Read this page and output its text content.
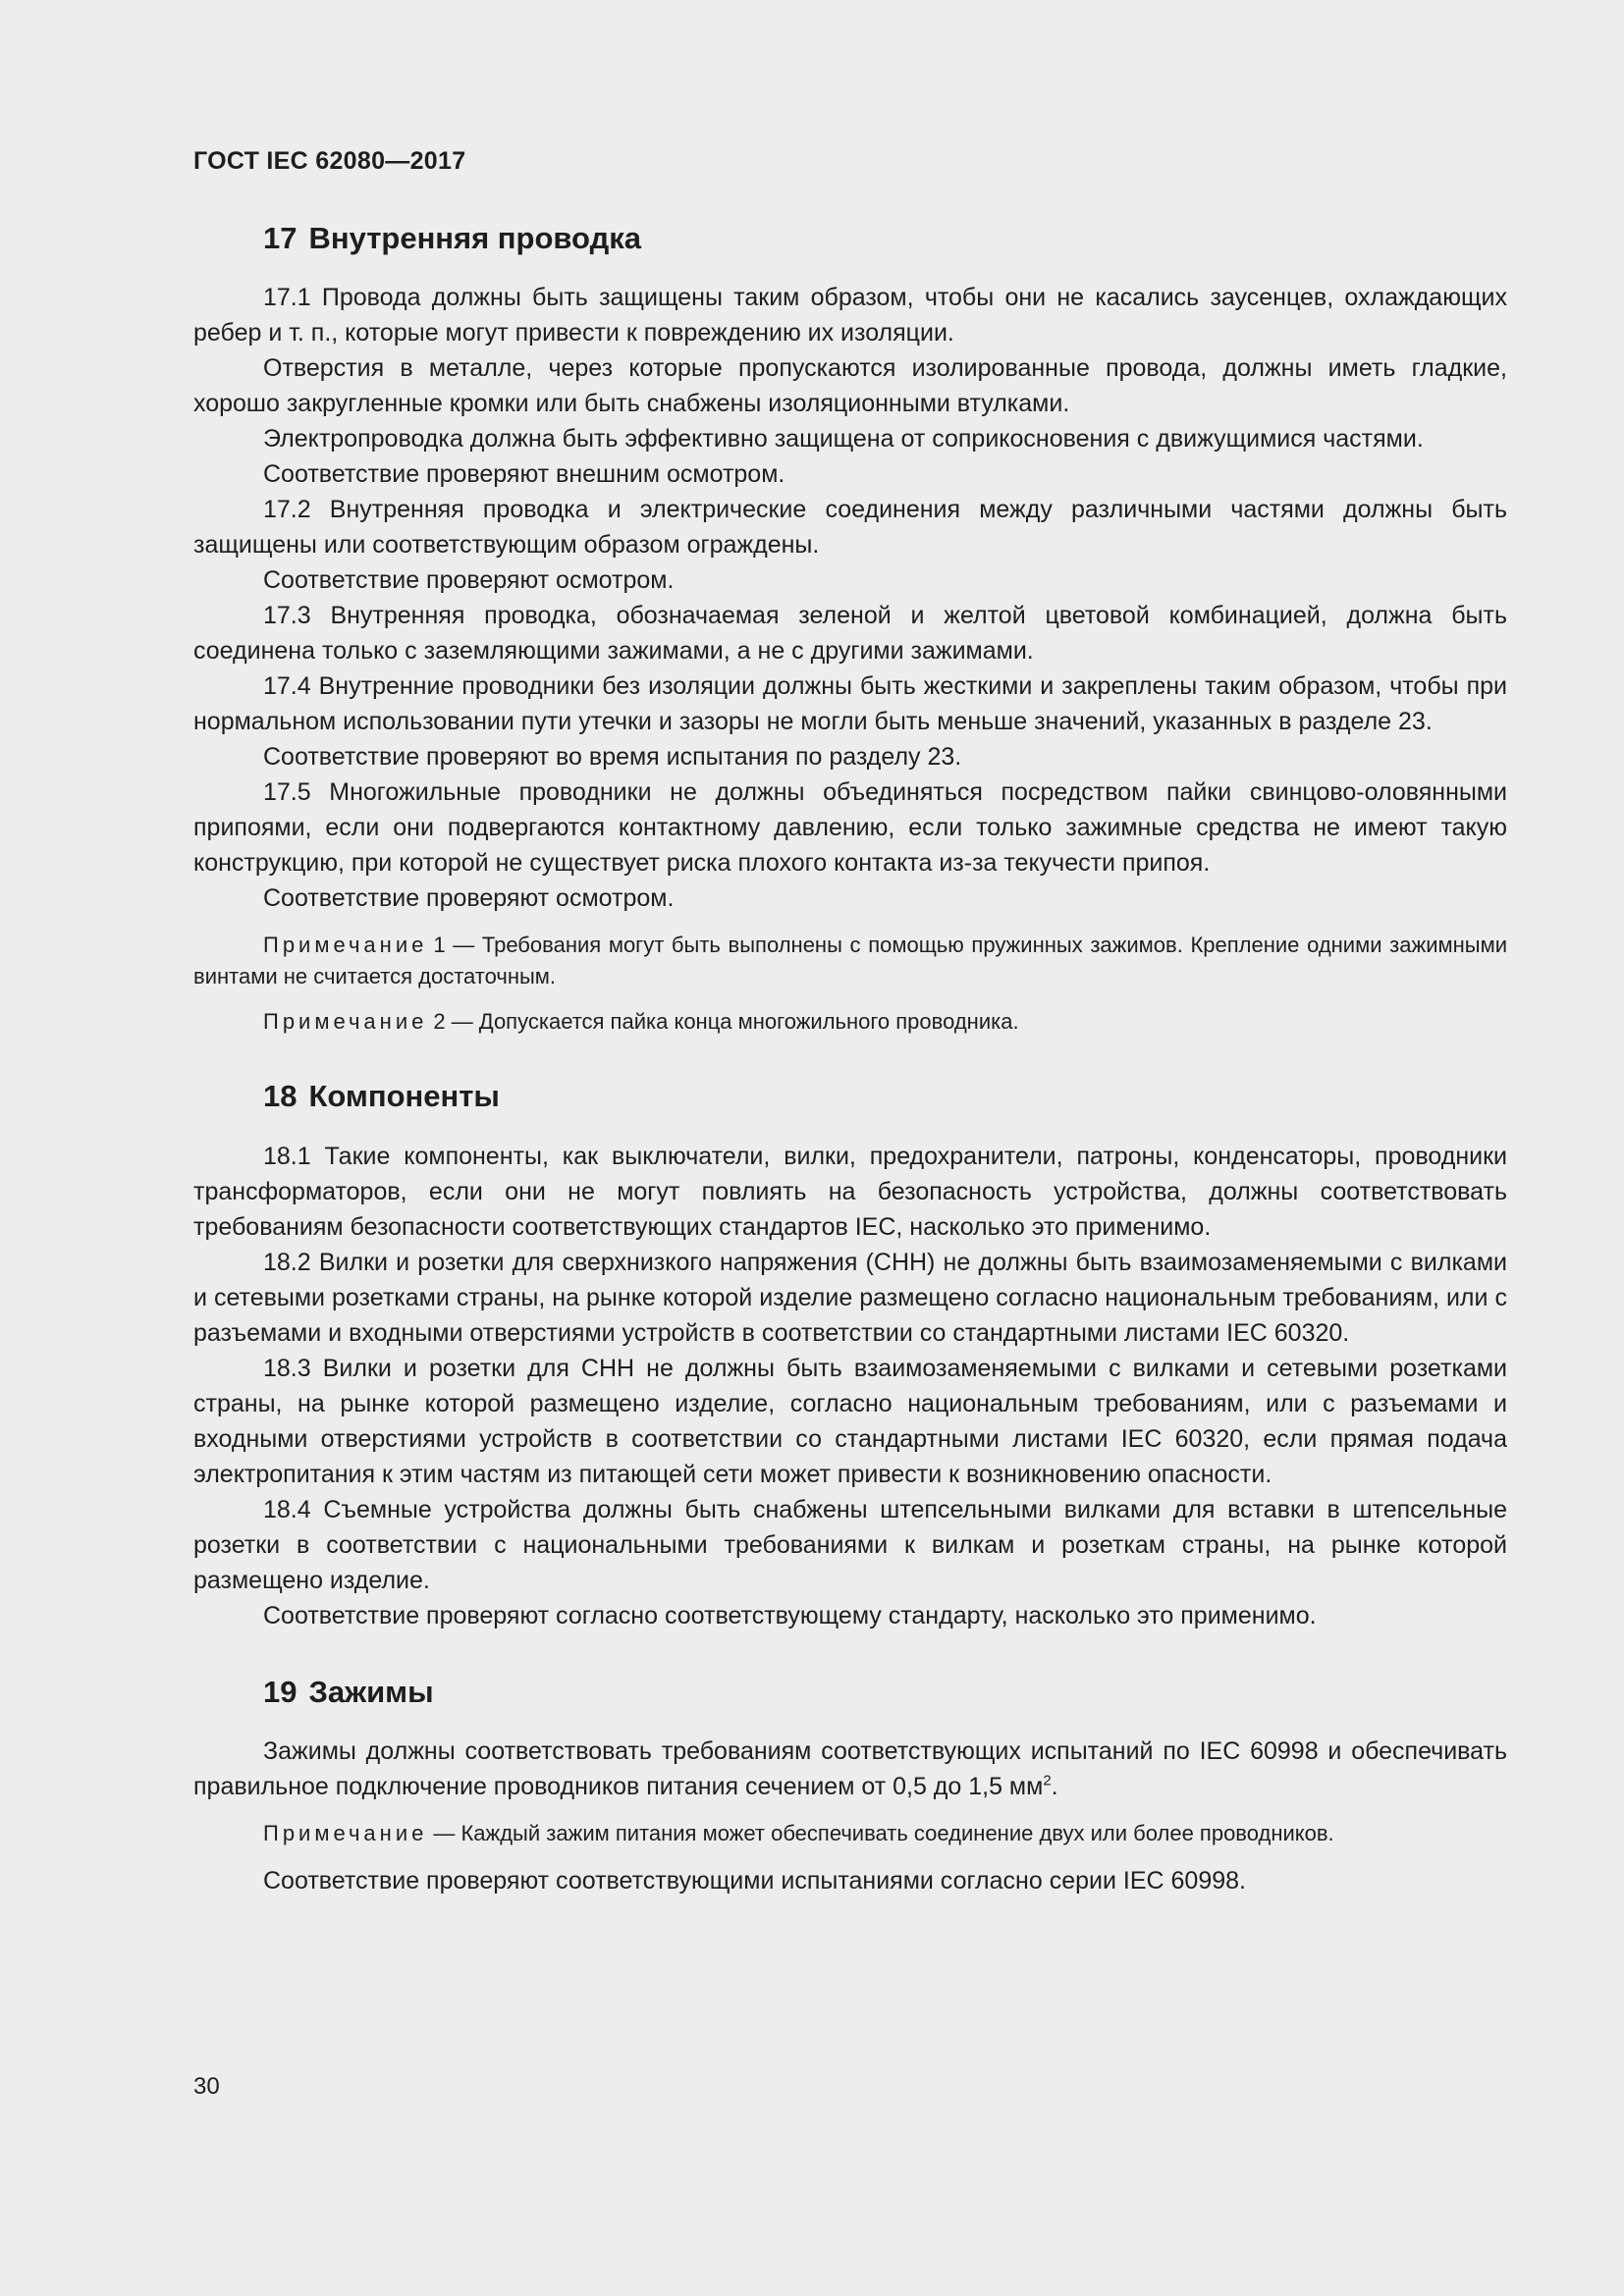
ГОСТ IEC 62080—2017
17 Внутренняя проводка

17.1 Провода должны быть защищены таким образом, чтобы они не касались заусенцев, охлаждающих ребер и т. п., которые могут привести к повреждению их изоляции.

Отверстия в металле, через которые пропускаются изолированные провода, должны иметь гладкие, хорошо закругленные кромки или быть снабжены изоляционными втулками.

Электропроводка должна быть эффективно защищена от соприкосновения с движущимися частями.

Соответствие проверяют внешним осмотром.

17.2 Внутренняя проводка и электрические соединения между различными частями должны быть защищены или соответствующим образом ограждены.

Соответствие проверяют осмотром.

17.3 Внутренняя проводка, обозначаемая зеленой и желтой цветовой комбинацией, должна быть соединена только с заземляющими зажимами, а не с другими зажимами.

17.4 Внутренние проводники без изоляции должны быть жесткими и закреплены таким образом, чтобы при нормальном использовании пути утечки и зазоры не могли быть меньше значений, указанных в разделе 23.

Соответствие проверяют во время испытания по разделу 23.

17.5 Многожильные проводники не должны объединяться посредством пайки свинцово-оловянными припоями, если они подвергаются контактному давлению, если только зажимные средства не имеют такую конструкцию, при которой не существует риска плохого контакта из-за текучести припоя.

Соответствие проверяют осмотром.

Примечание 1 — Требования могут быть выполнены с помощью пружинных зажимов. Крепление одними зажимными винтами не считается достаточным.

Примечание 2 — Допускается пайка конца многожильного проводника.

18 Компоненты

18.1 Такие компоненты, как выключатели, вилки, предохранители, патроны, конденсаторы, проводники трансформаторов, если они не могут повлиять на безопасность устройства, должны соответствовать требованиям безопасности соответствующих стандартов IEC, насколько это применимо.

18.2 Вилки и розетки для сверхнизкого напряжения (СНН) не должны быть взаимозаменяемыми с вилками и сетевыми розетками страны, на рынке которой изделие размещено согласно национальным требованиям, или с разъемами и входными отверстиями устройств в соответствии со стандартными листами IEC 60320.

18.3 Вилки и розетки для СНН не должны быть взаимозаменяемыми с вилками и сетевыми розетками страны, на рынке которой размещено изделие, согласно национальным требованиям, или с разъемами и входными отверстиями устройств в соответствии со стандартными листами IEC 60320, если прямая подача электропитания к этим частям из питающей сети может привести к возникновению опасности.

18.4 Съемные устройства должны быть снабжены штепсельными вилками для вставки в штепсельные розетки в соответствии с национальными требованиями к вилкам и розеткам страны, на рынке которой размещено изделие.

Соответствие проверяют согласно соответствующему стандарту, насколько это применимо.

19 Зажимы

Зажимы должны соответствовать требованиям соответствующих испытаний по IEC 60998 и обеспечивать правильное подключение проводников питания сечением от 0,5 до 1,5 $мм^2$.

Примечание — Каждый зажим питания может обеспечивать соединение двух или более проводников.

Соответствие проверяют соответствующими испытаниями согласно серии IEC 60998.

30
